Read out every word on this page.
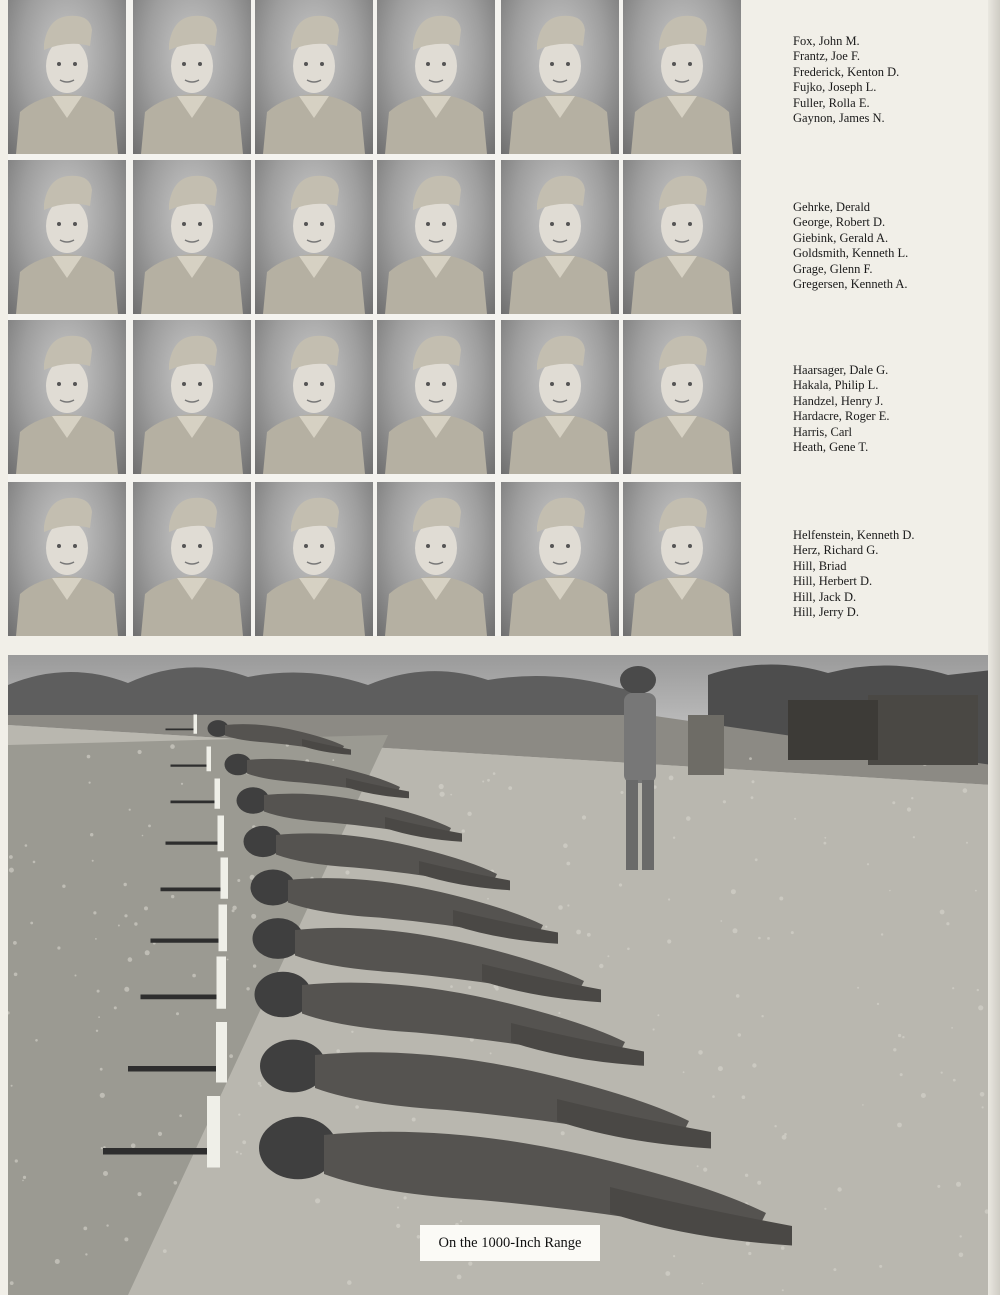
Fox, John M.
Frantz, Joe F.
Frederick, Kenton D.
Fujko, Joseph L.
Fuller, Rolla E.
Gaynon, James N.
Gehrke, Derald
George, Robert D.
Giebink, Gerald A.
Goldsmith, Kenneth L.
Grage, Glenn F.
Gregersen, Kenneth A.
Haarsager, Dale G.
Hakala, Philip L.
Handzel, Henry J.
Hardacre, Roger E.
Harris, Carl
Heath, Gene T.
Helfenstein, Kenneth D.
Herz, Richard G.
Hill, Briad
Hill, Herbert D.
Hill, Jack D.
Hill, Jerry D.
On the 1000-Inch Range
